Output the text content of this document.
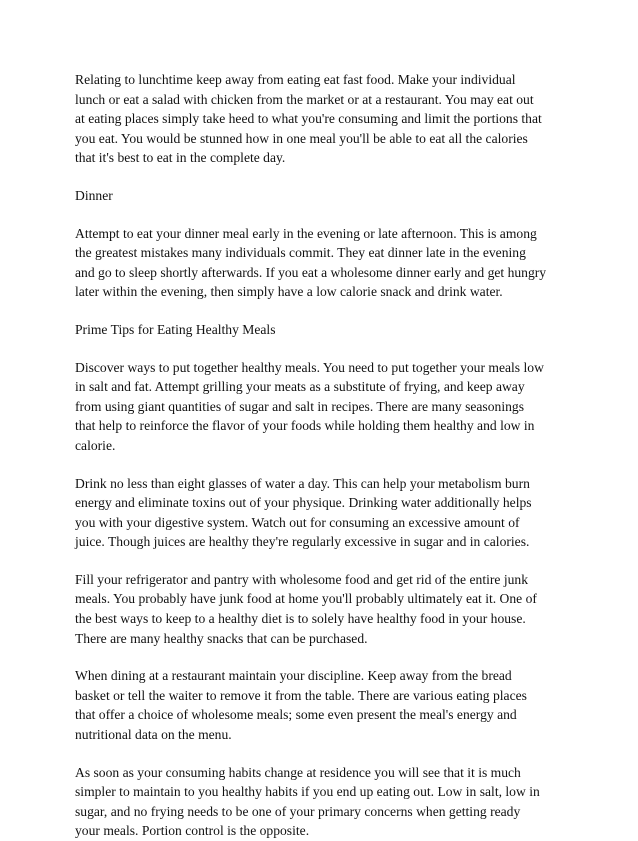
Relating to lunchtime keep away from eating eat fast food. Make your individual
lunch or eat a salad with chicken from the market or at a restaurant. You may eat out
at eating places simply take heed to what you're consuming and limit the portions that
you eat. You would be stunned how in one meal you'll be able to eat all the calories
that it's best to eat in the complete day.

Dinner

Attempt to eat your dinner meal early in the evening or late afternoon. This is among
the greatest mistakes many individuals commit. They eat dinner late in the evening
and go to sleep shortly afterwards. If you eat a wholesome dinner early and get hungry
later within the evening, then simply have a low calorie snack and drink water.

Prime Tips for Eating Healthy Meals

Discover ways to put together healthy meals. You need to put together your meals low
in salt and fat. Attempt grilling your meats as a substitute of frying, and keep away
from using giant quantities of sugar and salt in recipes. There are many seasonings
that help to reinforce the flavor of your foods while holding them healthy and low in
calorie.

Drink no less than eight glasses of water a day. This can help your metabolism burn
energy and eliminate toxins out of your physique. Drinking water additionally helps
you with your digestive system. Watch out for consuming an excessive amount of
juice. Though juices are healthy they're regularly excessive in sugar and in calories.

Fill your refrigerator and pantry with wholesome food and get rid of the entire junk
meals. You probably have junk food at home you'll probably ultimately eat it. One of
the best ways to keep to a healthy diet is to solely have healthy food in your house.
There are many healthy snacks that can be purchased.

When dining at a restaurant maintain your discipline. Keep away from the bread
basket or tell the waiter to remove it from the table. There are various eating places
that offer a choice of wholesome meals; some even present the meal's energy and
nutritional data on the menu.

As soon as your consuming habits change at residence you will see that it is much
simpler to maintain to you healthy habits if you end up eating out. Low in salt, low in
sugar, and no frying needs to be one of your primary concerns when getting ready
your meals. Portion control is the opposite.
